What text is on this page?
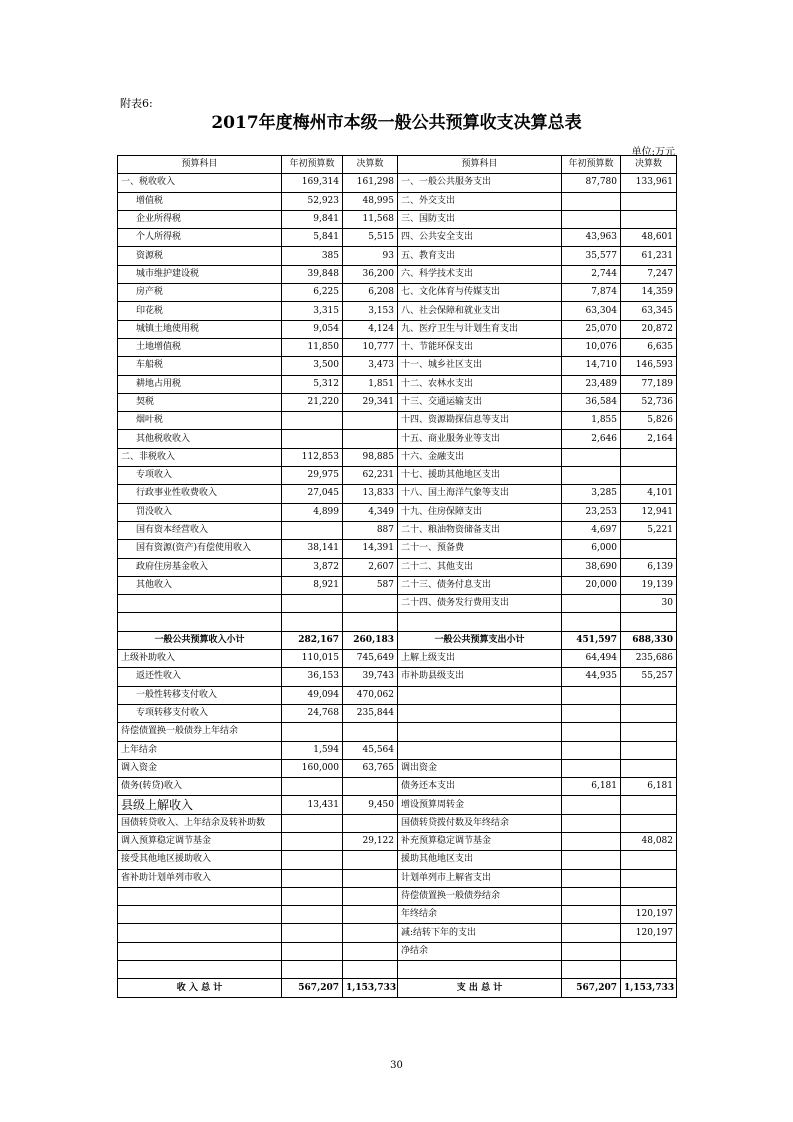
附表6:
2017年度梅州市本级一般公共预算收支决算总表
单位:万元
预算科目	年初预算数	决算数	预算科目	年初预算数	决算数
一、税收收入	169,314	161,298	一、一般公共服务支出	87,780	133,961
增值税	52,923	48,995	二、外交支出		
企业所得税	9,841	11,568	三、国防支出		
个人所得税	5,841	5,515	四、公共安全支出	43,963	48,601
资源税	385	93	五、教育支出	35,577	61,231
城市维护建设税	39,848	36,200	六、科学技术支出	2,744	7,247
房产税	6,225	6,208	七、文化体育与传媒支出	7,874	14,359
印花税	3,315	3,153	八、社会保障和就业支出	63,304	63,345
城镇土地使用税	9,054	4,124	九、医疗卫生与计划生育支出	25,070	20,872
土地增值税	11,850	10,777	十、节能环保支出	10,076	6,635
车船税	3,500	3,473	十一、城乡社区支出	14,710	146,593
耕地占用税	5,312	1,851	十二、农林水支出	23,489	77,189
契税	21,220	29,341	十三、交通运输支出	36,584	52,736
烟叶税			十四、资源勘探信息等支出	1,855	5,826
其他税收收入			十五、商业服务业等支出	2,646	2,164
二、非税收入	112,853	98,885	十六、金融支出		
专项收入	29,975	62,231	十七、援助其他地区支出		
行政事业性收费收入	27,045	13,833	十八、国土海洋气象等支出	3,285	4,101
罚没收入	4,899	4,349	十九、住房保障支出	23,253	12,941
国有资本经营收入		887	二十、粮油物资储备支出	4,697	5,221
国有资源(资产)有偿使用收入	38,141	14,391	二十一、预备费	6,000	
政府住房基金收入	3,872	2,607	二十二、其他支出	38,690	6,139
其他收入	8,921	587	二十三、债务付息支出	20,000	19,139
			二十四、债务发行费用支出		30

一般公共预算收入小计	282,167	260,183	一般公共预算支出小计	451,597	688,330
上级补助收入	110,015	745,649	上解上级支出	64,494	235,686
返还性收入	36,153	39,743	市补助县级支出	44,935	55,257
一般性转移支付收入	49,094	470,062			
专项转移支付收入	24,768	235,844			
待偿债置换一般债券上年结余					
上年结余	1,594	45,564			
调入资金	160,000	63,765	调出资金		
债务(转贷)收入			债务还本支出	6,181	6,181
县级上解收入	13,431	9,450	增设预算周转金		
国债转贷收入、上年结余及转补助数			国债转贷拨付数及年终结余		
调入预算稳定调节基金		29,122	补充预算稳定调节基金		48,082
接受其他地区援助收入			援助其他地区支出		
省补助计划单列市收入			计划单列市上解省支出		
			待偿债置换一般债券结余		
			年终结余		120,197
			减:结转下年的支出		120,197
			净结余		

收 入 总 计	567,207	1,153,733	支 出 总 计	567,207	1,153,733
30
